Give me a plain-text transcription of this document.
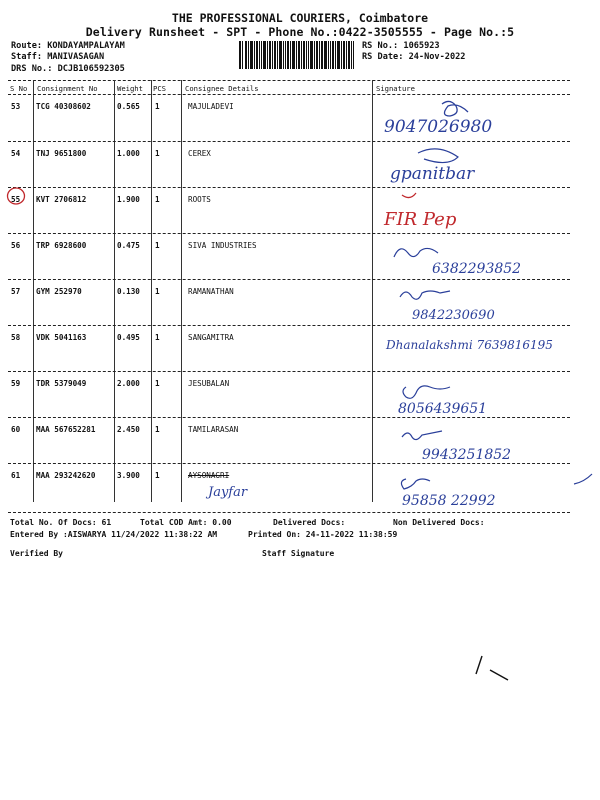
THE PROFESSIONAL COURIERS, Coimbatore
Delivery Runsheet - SPT - Phone No.:0422-3505555 - Page No.:5
Route: KONDAYAMPALAYAM
Staff: MANIVASAGAN
DRS No.: DCJB106592305
RS No.: 1065923
RS Date: 24-Nov-2022
S No Consignment No	Weight PCS	Consignee Details	Signature
53 TCG 40308602	0.565 1	MAJULADEVI
9047026980
54 TNJ 9651800	1.000 1	CEREX
gpanitbar
55 KVT 2706812	1.900 1	ROOTS
FIR Pep
56 TRP 6928600	0.475 1	SIVA INDUSTRIES
6382293852
57 GYM 252970	0.130 1	RAMANATHAN
9842230690
58 VDK 5041163	0.495 1	SANGAMITRA
Dhanalakshmi 7639816195
59 TDR 5379049	2.000 1	JESUBALAN
8056439651
60 MAA 567652281	2.450 1	TAMILARASAN
9943251852
61 MAA 293242620	3.900 1	AYSONAGRI
Jayfar
95858 22992
Total No. Of Docs: 61	Total COD Amt: 0.00	Delivered Docs:	Non Delivered Docs:
Entered By :AISWARYA 11/24/2022 11:38:22 AM	Printed On: 24-11-2022 11:38:59
Verified By	Staff Signature
